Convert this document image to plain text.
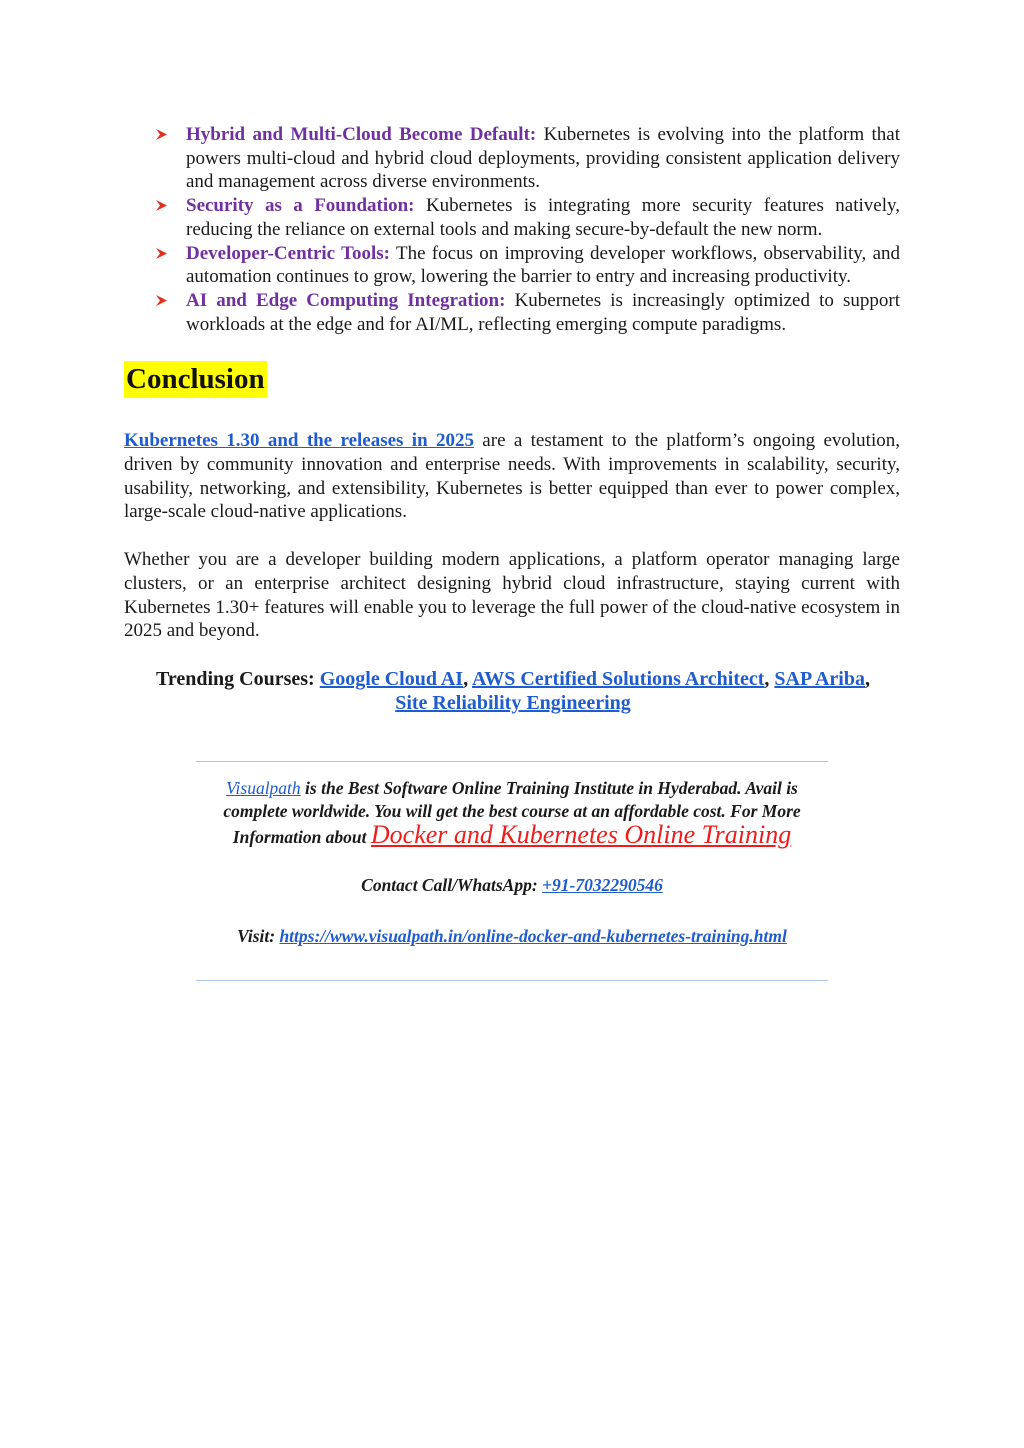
Hybrid and Multi-Cloud Become Default: Kubernetes is evolving into the platform that powers multi-cloud and hybrid cloud deployments, providing consistent application delivery and management across diverse environments.
Security as a Foundation: Kubernetes is integrating more security features natively, reducing the reliance on external tools and making secure-by-default the new norm.
Developer-Centric Tools: The focus on improving developer workflows, observability, and automation continues to grow, lowering the barrier to entry and increasing productivity.
AI and Edge Computing Integration: Kubernetes is increasingly optimized to support workloads at the edge and for AI/ML, reflecting emerging compute paradigms.
Conclusion

Kubernetes 1.30 and the releases in 2025 are a testament to the platform’s ongoing evolution, driven by community innovation and enterprise needs. With improvements in scalability, security, usability, networking, and extensibility, Kubernetes is better equipped than ever to power complex, large-scale cloud-native applications.

Whether you are a developer building modern applications, a platform operator managing large clusters, or an enterprise architect designing hybrid cloud infrastructure, staying current with Kubernetes 1.30+ features will enable you to leverage the full power of the cloud-native ecosystem in 2025 and beyond.

Trending Courses: Google Cloud AI, AWS Certified Solutions Architect, SAP Ariba,
Site Reliability Engineering
Visualpath is the Best Software Online Training Institute in Hyderabad. Avail is complete worldwide. You will get the best course at an affordable cost. For More Information about Docker and Kubernetes Online Training
Contact Call/WhatsApp: +91-7032290546
Visit: https://www.visualpath.in/online-docker-and-kubernetes-training.html
